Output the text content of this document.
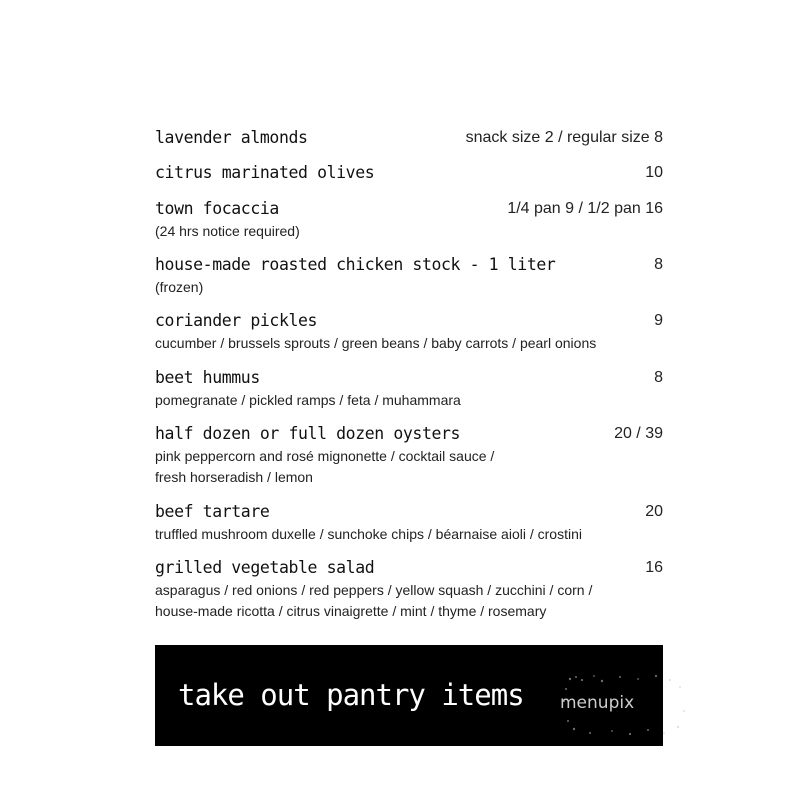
lavender almonds	snack size 2 / regular size 8
citrus marinated olives	10
town focaccia	1/4 pan 9 / 1/2 pan 16
(24 hrs notice required)
house-made roasted chicken stock - 1 liter	8
(frozen)
coriander pickles	9
cucumber / brussels sprouts / green beans / baby carrots / pearl onions
beet hummus	8
pomegranate / pickled ramps / feta / muhammara
half dozen or full dozen oysters	20 / 39
pink peppercorn and rosé mignonette / cocktail sauce /
fresh horseradish / lemon
beef tartare	20
truffled mushroom duxelle / sunchoke chips / béarnaise aioli / crostini
grilled vegetable salad	16
asparagus / red onions / red peppers / yellow squash / zucchini / corn /
house-made ricotta / citrus vinaigrette / mint / thyme / rosemary
take out pantry items menupix
